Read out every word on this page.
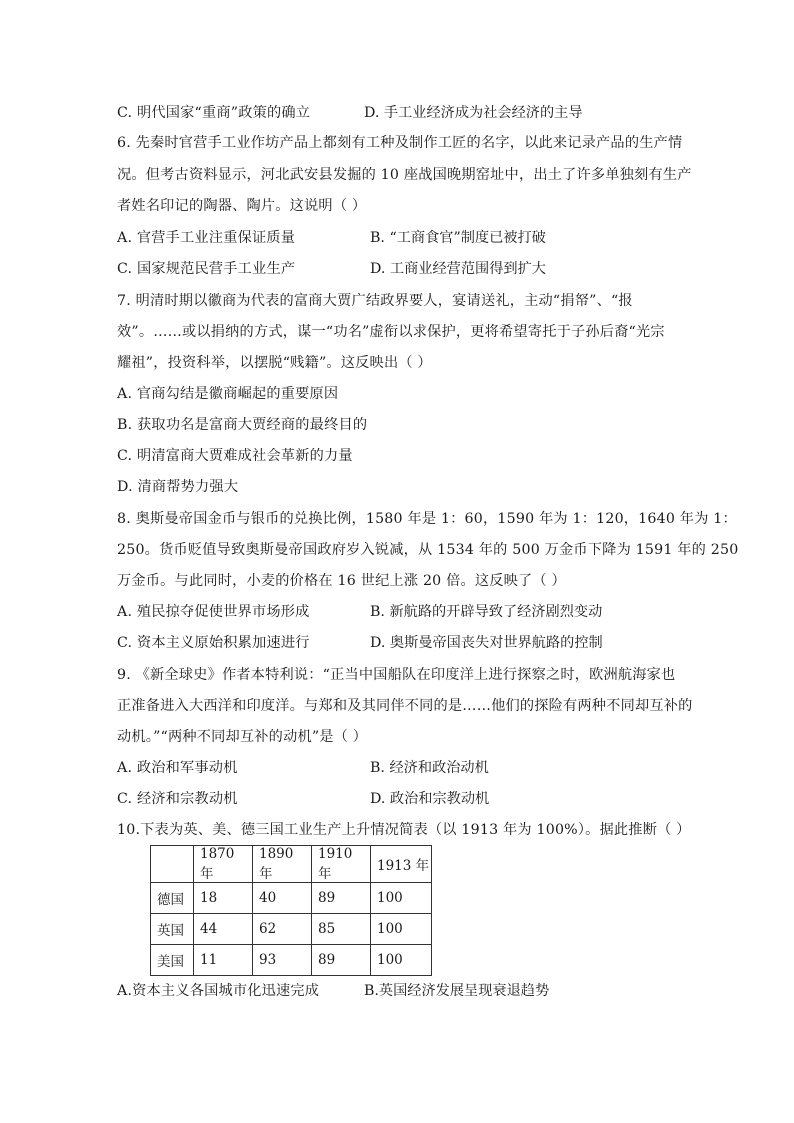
C. 明代国家“重商”政策的确立	D. 手工业经济成为社会经济的主导
6. 先秦时官营手工业作坊产品上都刻有工种及制作工匠的名字，以此来记录产品的生产情
况。但考古资料显示，河北武安县发掘的 10 座战国晚期窑址中，出土了许多单独刻有生产
者姓名印记的陶器、陶片。这说明（ ）
A. 官营手工业注重保证质量	B. “工商食官”制度已被打破
C. 国家规范民营手工业生产	D. 工商业经营范围得到扩大
7. 明清时期以徽商为代表的富商大贾广结政界要人，宴请送礼，主动“捐帑”、“报
效”。……或以捐纳的方式，谋一“功名”虚衔以求保护，更将希望寄托于子孙后裔“光宗
耀祖”，投资科举，以摆脱“贱籍”。这反映出（ ）
A. 官商勾结是徽商崛起的重要原因
B. 获取功名是富商大贾经商的最终目的
C. 明清富商大贾难成社会革新的力量
D. 清商帮势力强大
8. 奥斯曼帝国金币与银币的兑换比例，1580 年是 1：60，1590 年为 1：120，1640 年为 1：
250。货币贬值导致奥斯曼帝国政府岁入锐减，从 1534 年的 500 万金币下降为 1591 年的 250
万金币。与此同时，小麦的价格在 16 世纪上涨 20 倍。这反映了（ ）
A. 殖民掠夺促使世界市场形成	B. 新航路的开辟导致了经济剧烈变动
C. 资本主义原始积累加速进行	D. 奥斯曼帝国丧失对世界航路的控制
9. 《新全球史》作者本特利说：“正当中国船队在印度洋上进行探察之时，欧洲航海家也
正准备进入大西洋和印度洋。与郑和及其同伴不同的是……他们的探险有两种不同却互补的
动机。”“两种不同却互补的动机”是（ ）
A. 政治和军事动机	B. 经济和政治动机
C. 经济和宗教动机	D. 政治和宗教动机
10.下表为英、美、德三国工业生产上升情况简表（以 1913 年为 100%）。据此推断（ ）
	1870 年	1890 年	1910 年	1913 年
德国	18	40	89	100
英国	44	62	85	100
美国	11	93	89	100
A.资本主义各国城市化迅速完成	B.英国经济发展呈现衰退趋势
